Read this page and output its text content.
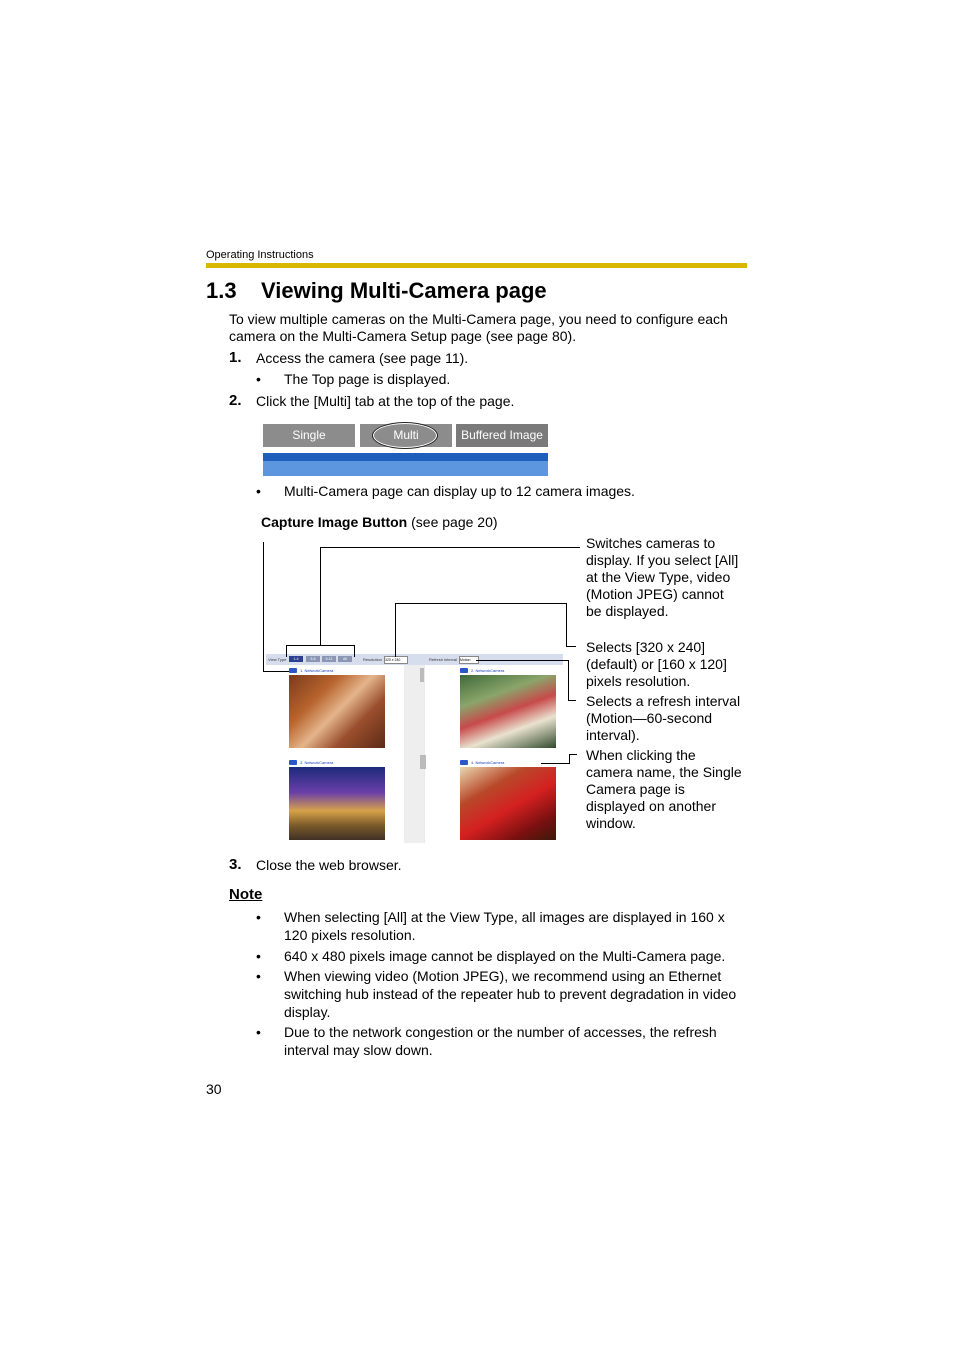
Operating Instructions
1.3 Viewing Multi-Camera page
To view multiple cameras on the Multi-Camera page, you need to configure each
camera on the Multi-Camera Setup page (see page 80).
1. Access the camera (see page 11).
• The Top page is displayed.
2. Click the [Multi] tab at the top of the page.
Single	Multi	Buffered Image
• Multi-Camera page can display up to 12 camera images.
Capture Image Button (see page 20)
View Type	1-4	5-8	9-12	All	Resolution 320 x 240	Refresh interval Motion
1. NetworkCamera	2. NetworkCamera
3. NetworkCamera	4. NetworkCamera
Switches cameras to
display. If you select [All]
at the View Type, video
(Motion JPEG) cannot
be displayed.
Selects [320 x 240]
(default) or [160 x 120]
pixels resolution.
Selects a refresh interval
(Motion—60-second
interval).
When clicking the
camera name, the Single
Camera page is
displayed on another
window.
3. Close the web browser.
Note
• When selecting [All] at the View Type, all images are displayed in 160 x
120 pixels resolution.
• 640 x 480 pixels image cannot be displayed on the Multi-Camera page.
• When viewing video (Motion JPEG), we recommend using an Ethernet
switching hub instead of the repeater hub to prevent degradation in video
display.
• Due to the network congestion or the number of accesses, the refresh
interval may slow down.
30
